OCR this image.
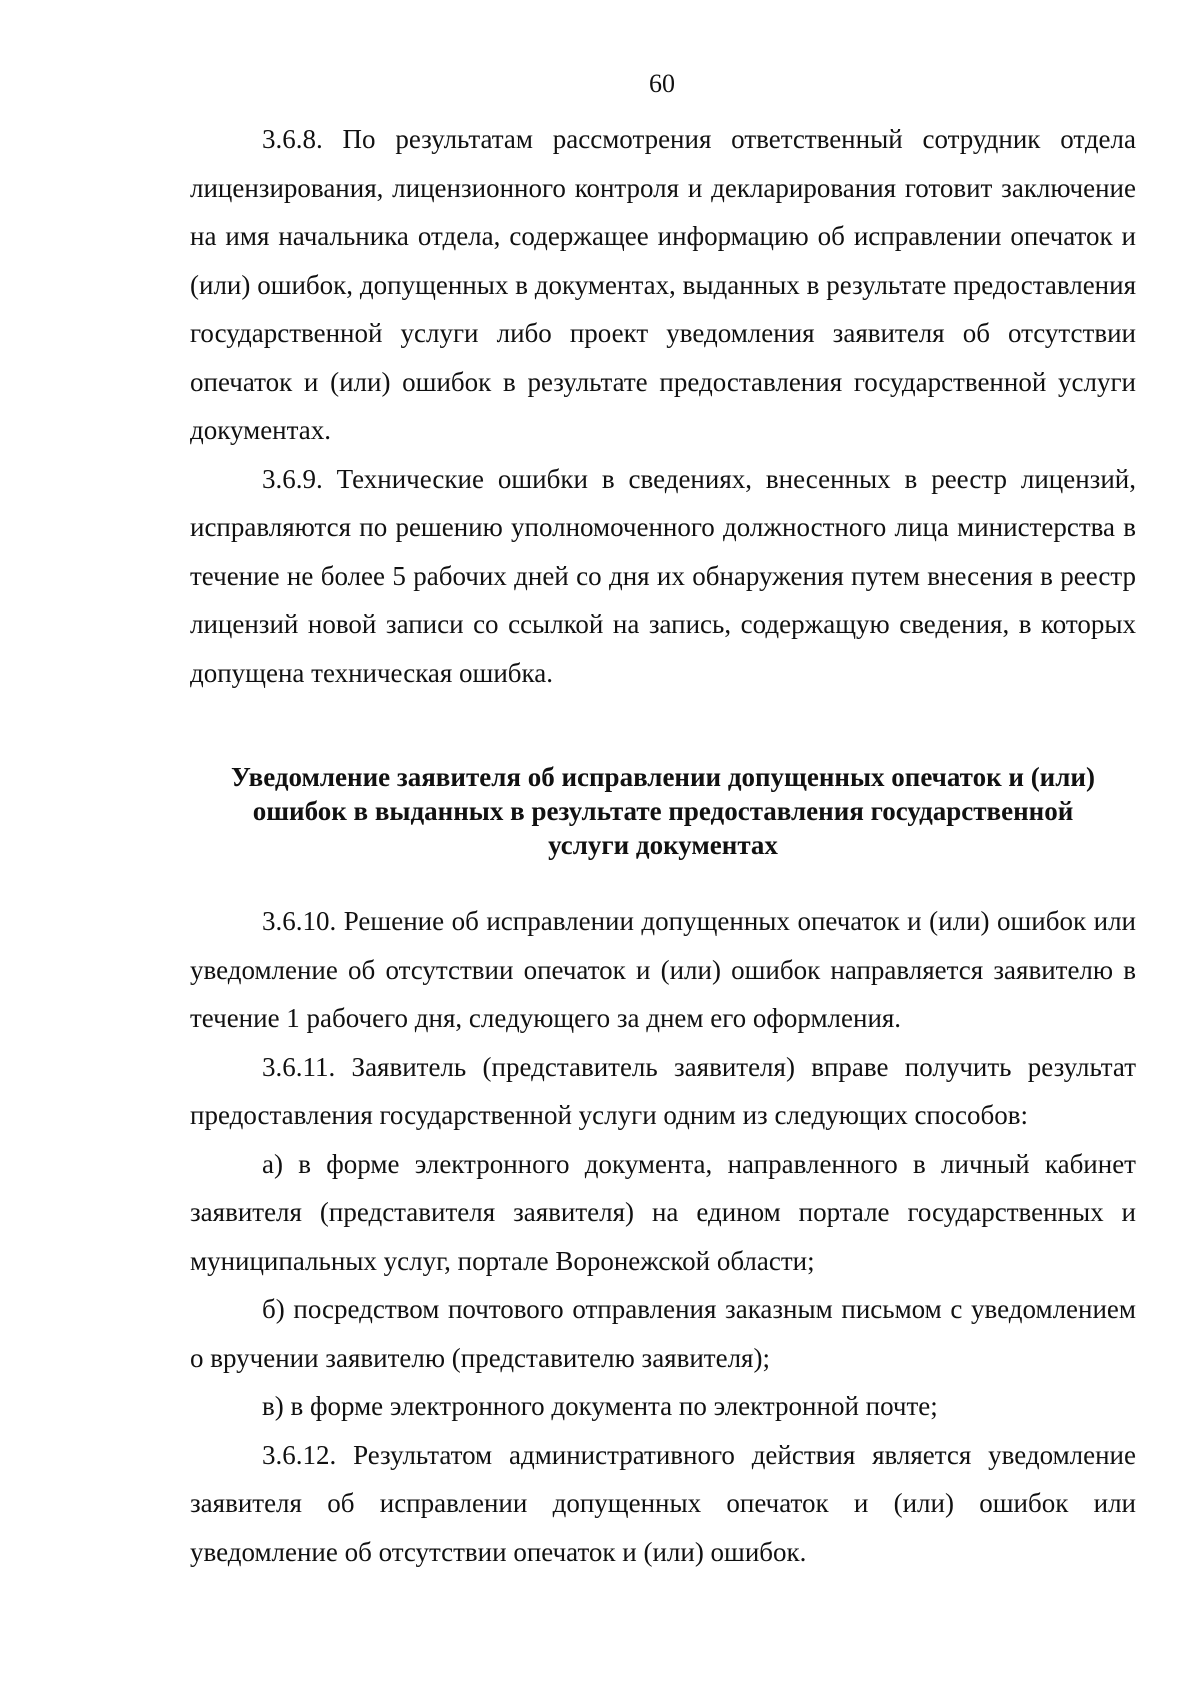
60

3.6.8. По результатам рассмотрения ответственный сотрудник отдела лицензирования, лицензионного контроля и декларирования готовит заключение на имя начальника отдела, содержащее информацию об исправлении опечаток и (или) ошибок, допущенных в документах, выданных в результате предоставления государственной услуги либо проект уведомления заявителя об отсутствии опечаток и (или) ошибок в результате предоставления государственной услуги документах.

3.6.9. Технические ошибки в сведениях, внесенных в реестр лицензий, исправляются по решению уполномоченного должностного лица министерства в течение не более 5 рабочих дней со дня их обнаружения путем внесения в реестр лицензий новой записи со ссылкой на запись, содержащую сведения, в которых допущена техническая ошибка.

Уведомление заявителя об исправлении допущенных опечаток и (или)
ошибок в выданных в результате предоставления государственной
услуги документах

3.6.10. Решение об исправлении допущенных опечаток и (или) ошибок или уведомление об отсутствии опечаток и (или) ошибок направляется заявителю в течение 1 рабочего дня, следующего за днем его оформления.

3.6.11. Заявитель (представитель заявителя) вправе получить результат предоставления государственной услуги одним из следующих способов:

а) в форме электронного документа, направленного в личный кабинет заявителя (представителя заявителя) на едином портале государственных и муниципальных услуг, портале Воронежской области;

б) посредством почтового отправления заказным письмом с уведомлением о вручении заявителю (представителю заявителя);

в) в форме электронного документа по электронной почте;

3.6.12. Результатом административного действия является уведомление заявителя об исправлении допущенных опечаток и (или) ошибок или уведомление об отсутствии опечаток и (или) ошибок.
